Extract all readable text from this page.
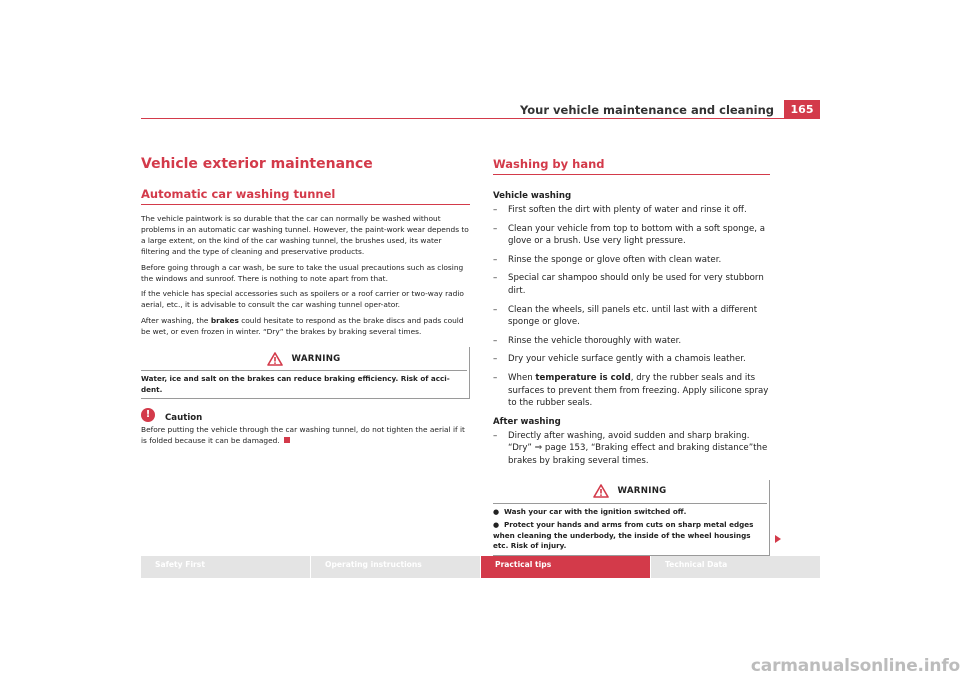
Your vehicle maintenance and cleaning	165
Vehicle exterior maintenance
Automatic car washing tunnel

The vehicle paintwork is so durable that the car can normally be washed without problems in an automatic car washing tunnel. However, the paint-work wear depends to a large extent, on the kind of the car washing tunnel, the brushes used, its water filtering and the type of cleaning and preservative products.

Before going through a car wash, be sure to take the usual precautions such as closing the windows and sunroof. There is nothing to note apart from that.

If the vehicle has special accessories such as spoilers or a roof carrier or two-way radio aerial, etc., it is advisable to consult the car washing tunnel oper-ator.

After washing, the brakes could hesitate to respond as the brake discs and pads could be wet, or even frozen in winter. “Dry” the brakes by braking several times.

WARNING
Water, ice and salt on the brakes can reduce braking efficiency. Risk of acci-dent.
!	Caution

Before putting the vehicle through the car washing tunnel, do not tighten the aerial if it is folded because it can be damaged.

Washing by hand
Vehicle washing
– First soften the dirt with plenty of water and rinse it off.
– Clean your vehicle from top to bottom with a soft sponge, a glove or a brush. Use very light pressure.
– Rinse the sponge or glove often with clean water.
– Special car shampoo should only be used for very stubborn dirt.
– Clean the wheels, sill panels etc. until last with a different sponge or glove.
– Rinse the vehicle thoroughly with water.
– Dry your vehicle surface gently with a chamois leather.
– When temperature is cold, dry the rubber seals and its surfaces to prevent them from freezing. Apply silicone spray to the rubber seals.
After washing
– Directly after washing, avoid sudden and sharp braking. “Dry” ⇒ page 153, “Braking effect and braking distance”the brakes by braking several times.
WARNING
● Wash your car with the ignition switched off.
● Protect your hands and arms from cuts on sharp metal edges when cleaning the underbody, the inside of the wheel housings etc. Risk of injury.
Safety First	Operating instructions	Practical tips	Technical Data
carmanualsonline.info
